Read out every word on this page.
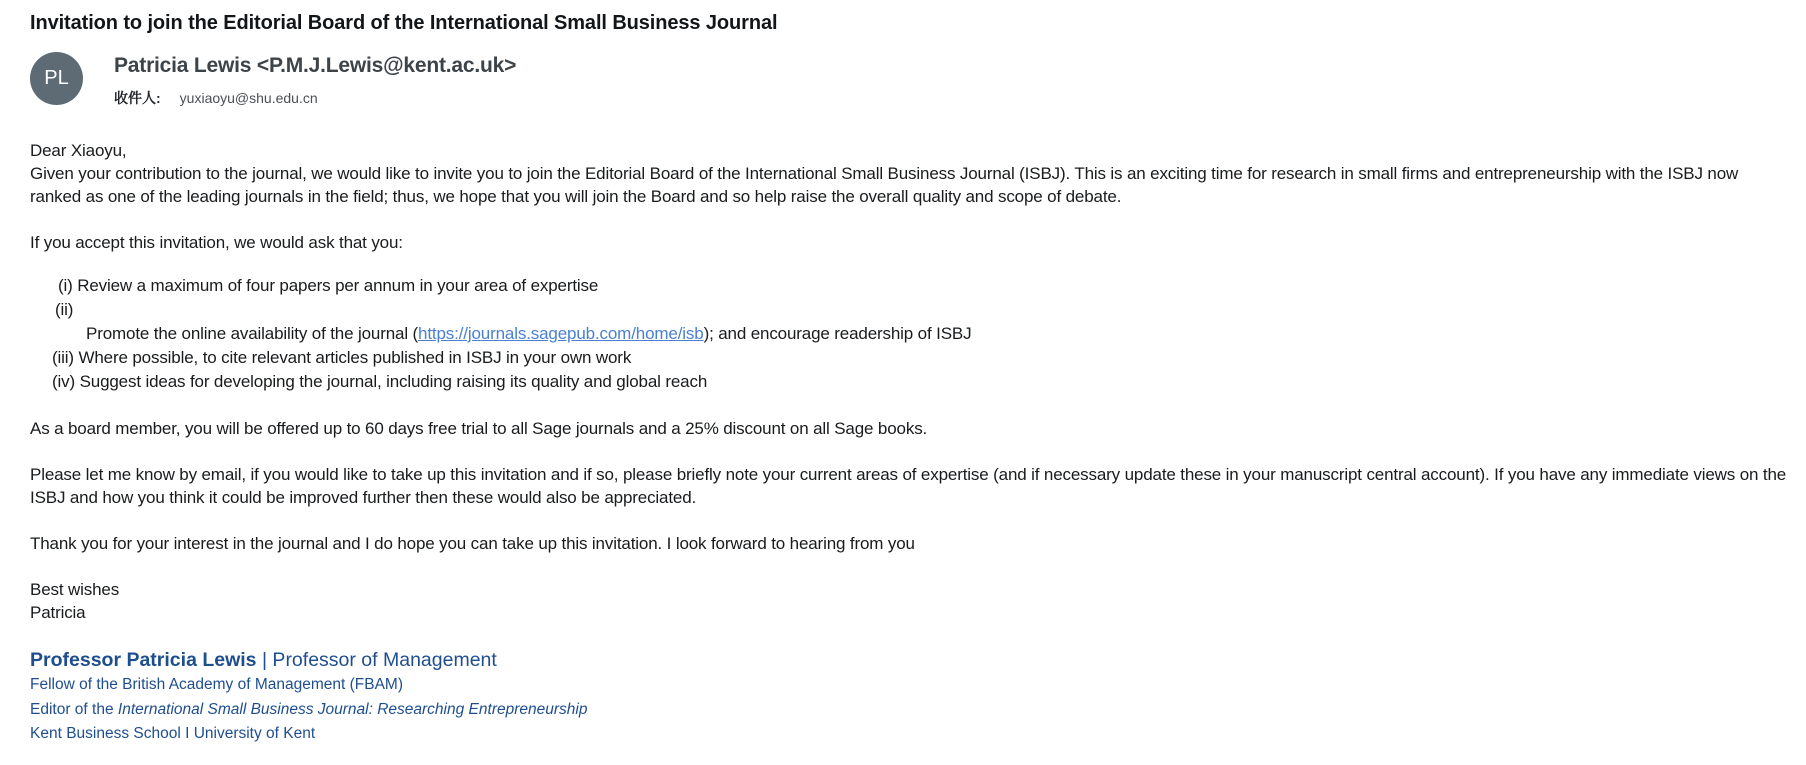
Invitation to join the Editorial Board of the International Small Business Journal
PL
Patricia Lewis <P.M.J.Lewis@kent.ac.uk>
收件人: yuxiaoyu@shu.edu.cn
Dear Xiaoyu,
Given your contribution to the journal, we would like to invite you to join the Editorial Board of the International Small Business Journal (ISBJ). This is an exciting time for research in small firms and entrepreneurship with the ISBJ now ranked as one of the leading journals in the field; thus, we hope that you will join the Board and so help raise the overall quality and scope of debate.
If you accept this invitation, we would ask that you:
(i) Review a maximum of four papers per annum in your area of expertise
(ii)
Promote the online availability of the journal (https://journals.sagepub.com/home/isb); and encourage readership of ISBJ
(iii) Where possible, to cite relevant articles published in ISBJ in your own work
(iv) Suggest ideas for developing the journal, including raising its quality and global reach
As a board member, you will be offered up to 60 days free trial to all Sage journals and a 25% discount on all Sage books.
Please let me know by email, if you would like to take up this invitation and if so, please briefly note your current areas of expertise (and if necessary update these in your manuscript central account). If you have any immediate views on the ISBJ and how you think it could be improved further then these would also be appreciated.
Thank you for your interest in the journal and I do hope you can take up this invitation. I look forward to hearing from you
Best wishes
Patricia
Professor Patricia Lewis | Professor of Management
Fellow of the British Academy of Management (FBAM)
Editor of the International Small Business Journal: Researching Entrepreneurship
Kent Business School I University of Kent
